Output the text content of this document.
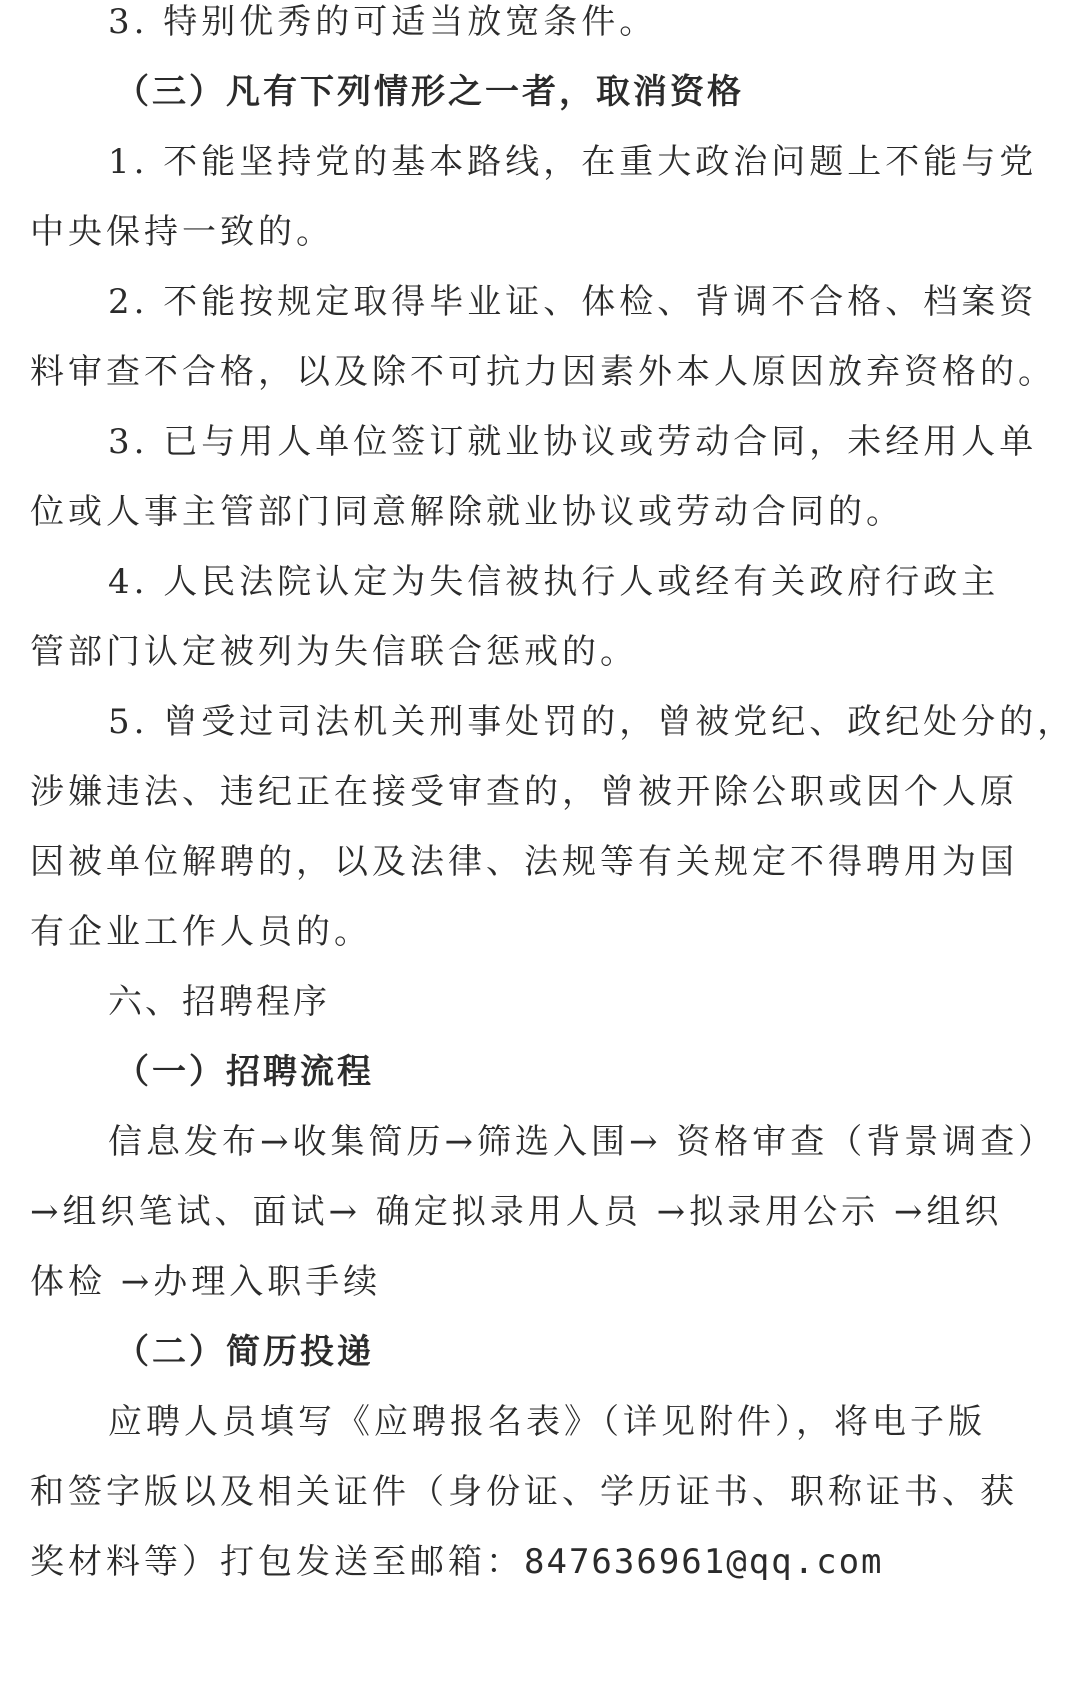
3. 特别优秀的可适当放宽条件。
（三）凡有下列情形之一者，取消资格
1. 不能坚持党的基本路线，在重大政治问题上不能与党
中央保持一致的。
2. 不能按规定取得毕业证、体检、背调不合格、档案资
料审查不合格，以及除不可抗力因素外本人原因放弃资格的。
3. 已与用人单位签订就业协议或劳动合同，未经用人单
位或人事主管部门同意解除就业协议或劳动合同的。
4. 人民法院认定为失信被执行人或经有关政府行政主
管部门认定被列为失信联合惩戒的。
5. 曾受过司法机关刑事处罚的，曾被党纪、政纪处分的，
涉嫌违法、违纪正在接受审查的，曾被开除公职或因个人原
因被单位解聘的，以及法律、法规等有关规定不得聘用为国
有企业工作人员的。
六、招聘程序
（一）招聘流程
信息发布→收集简历→筛选入围→ 资格审查（背景调查）
→组织笔试、面试→ 确定拟录用人员 →拟录用公示 →组织
体检 →办理入职手续
（二）简历投递
应聘人员填写《应聘报名表》（详见附件），将电子版
和签字版以及相关证件（身份证、学历证书、职称证书、获
奖材料等）打包发送至邮箱：847636961@qq.com
